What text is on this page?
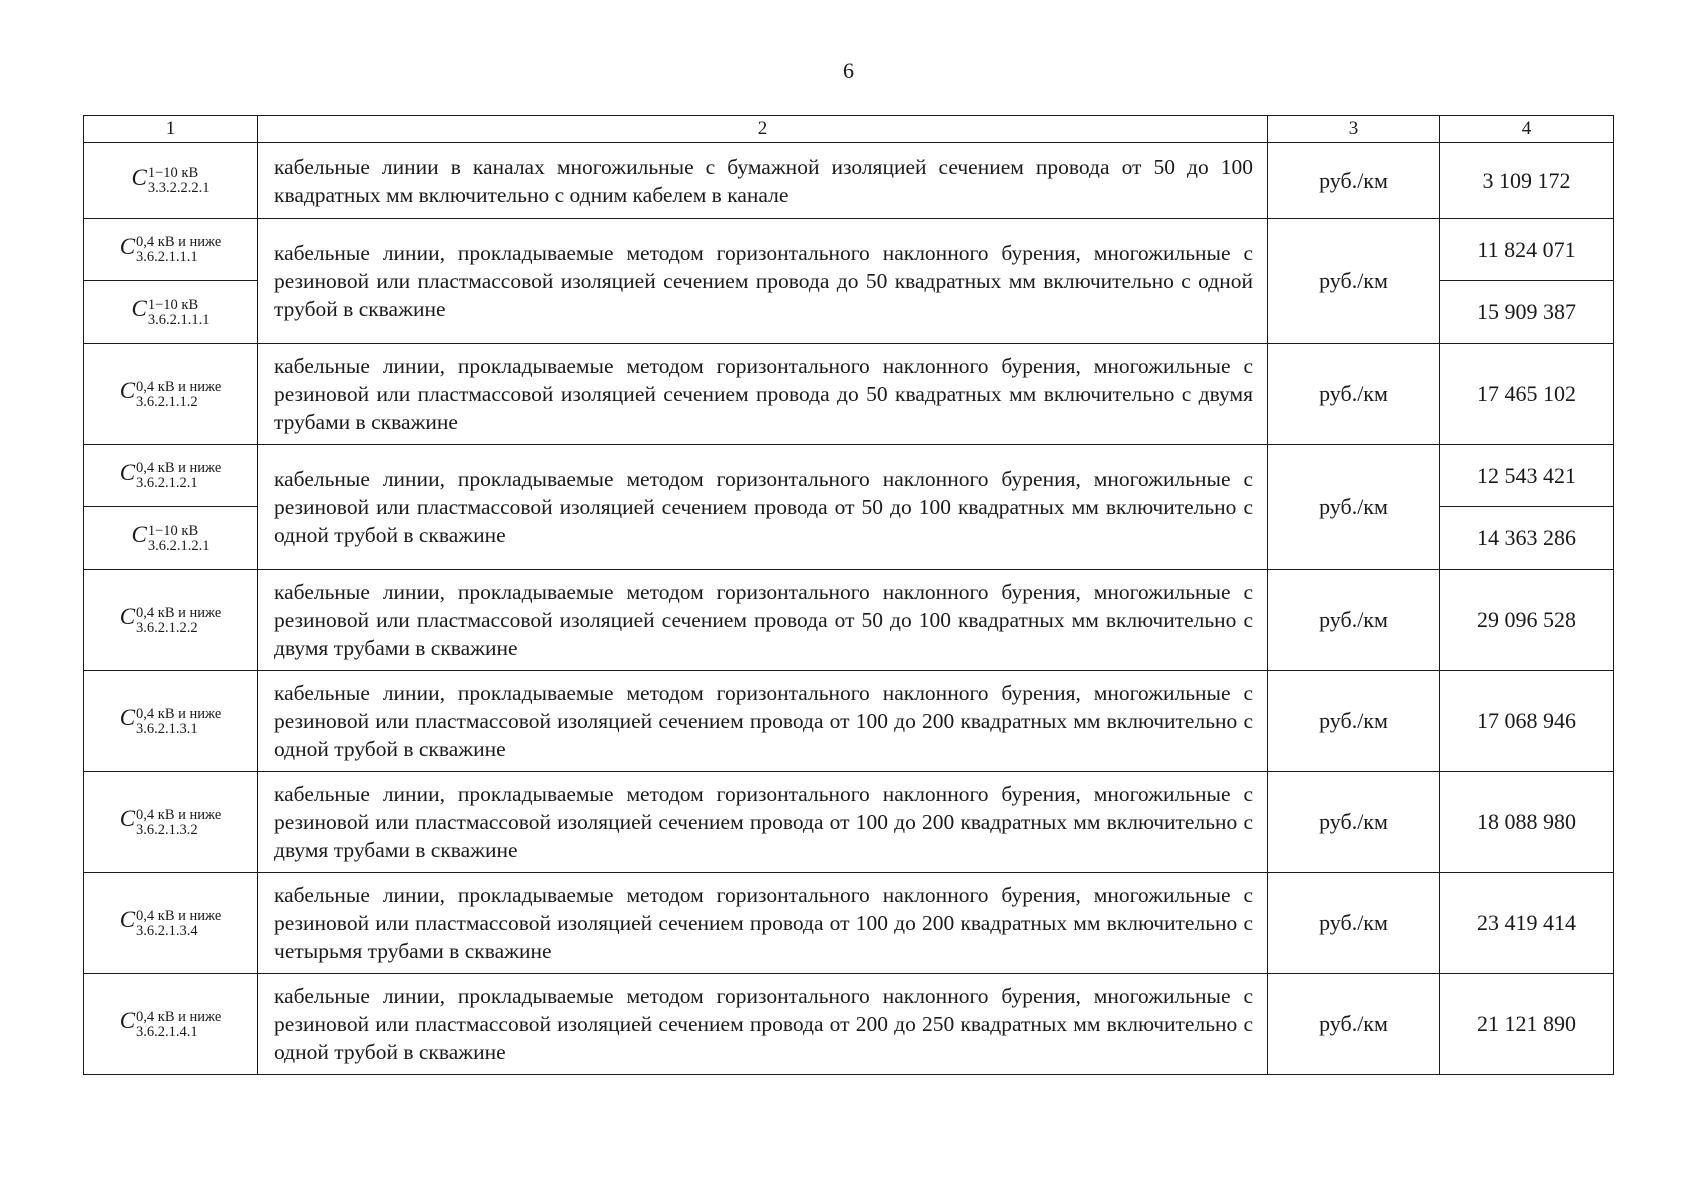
6
1	2	3	4
C1−10 кВ
3.3.2.2.2.1	кабельные линии в каналах многожильные с бумажной изоляцией сечением провода от 50 до 100 квадратных мм включительно с одним кабелем в канале	руб./км	3 109 172
C0,4 кВ и ниже
3.6.2.1.1.1	кабельные линии, прокладываемые методом горизонтального наклонного бурения, многожильные с резиновой или пластмассовой изоляцией сечением провода до 50 квадратных мм включительно с одной трубой в скважине	руб./км	11 824 071
C1−10 кВ
3.6.2.1.1.1			15 909 387
C0,4 кВ и ниже
3.6.2.1.1.2	кабельные линии, прокладываемые методом горизонтального наклонного бурения, многожильные с резиновой или пластмассовой изоляцией сечением провода до 50 квадратных мм включительно с двумя трубами в скважине	руб./км	17 465 102
C0,4 кВ и ниже
3.6.2.1.2.1	кабельные линии, прокладываемые методом горизонтального наклонного бурения, многожильные с резиновой или пластмассовой изоляцией сечением провода от 50 до 100 квадратных мм включительно с одной трубой в скважине	руб./км	12 543 421
C1−10 кВ
3.6.2.1.2.1			14 363 286
C0,4 кВ и ниже
3.6.2.1.2.2	кабельные линии, прокладываемые методом горизонтального наклонного бурения, многожильные с резиновой или пластмассовой изоляцией сечением провода от 50 до 100 квадратных мм включительно с двумя трубами в скважине	руб./км	29 096 528
C0,4 кВ и ниже
3.6.2.1.3.1	кабельные линии, прокладываемые методом горизонтального наклонного бурения, многожильные с резиновой или пластмассовой изоляцией сечением провода от 100 до 200 квадратных мм включительно с одной трубой в скважине	руб./км	17 068 946
C0,4 кВ и ниже
3.6.2.1.3.2	кабельные линии, прокладываемые методом горизонтального наклонного бурения, многожильные с резиновой или пластмассовой изоляцией сечением провода от 100 до 200 квадратных мм включительно с двумя трубами в скважине	руб./км	18 088 980
C0,4 кВ и ниже
3.6.2.1.3.4	кабельные линии, прокладываемые методом горизонтального наклонного бурения, многожильные с резиновой или пластмассовой изоляцией сечением провода от 100 до 200 квадратных мм включительно с четырьмя трубами в скважине	руб./км	23 419 414
C0,4 кВ и ниже
3.6.2.1.4.1	кабельные линии, прокладываемые методом горизонтального наклонного бурения, многожильные с резиновой или пластмассовой изоляцией сечением провода от 200 до 250 квадратных мм включительно с одной трубой в скважине	руб./км	21 121 890
